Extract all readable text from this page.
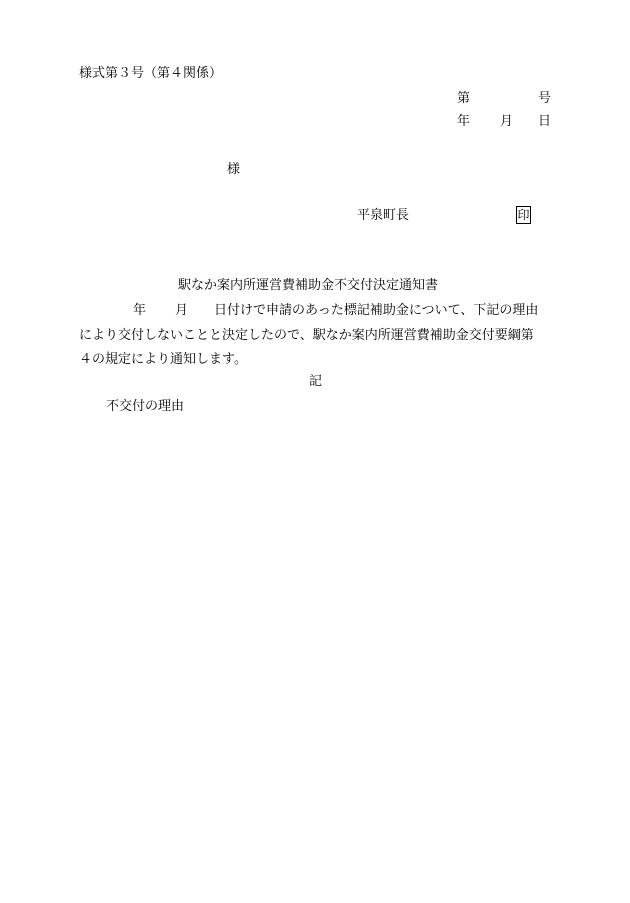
様式第３号（第４関係）
第	号
年 月 日
様
平泉町長	印
駅なか案内所運営費補助金不交付決定通知書
年 月 日付けで申請のあった標記補助金について、下記の理由
により交付しないことと決定したので、駅なか案内所運営費補助金交付要綱第
４の規定により通知します。
記
不交付の理由
